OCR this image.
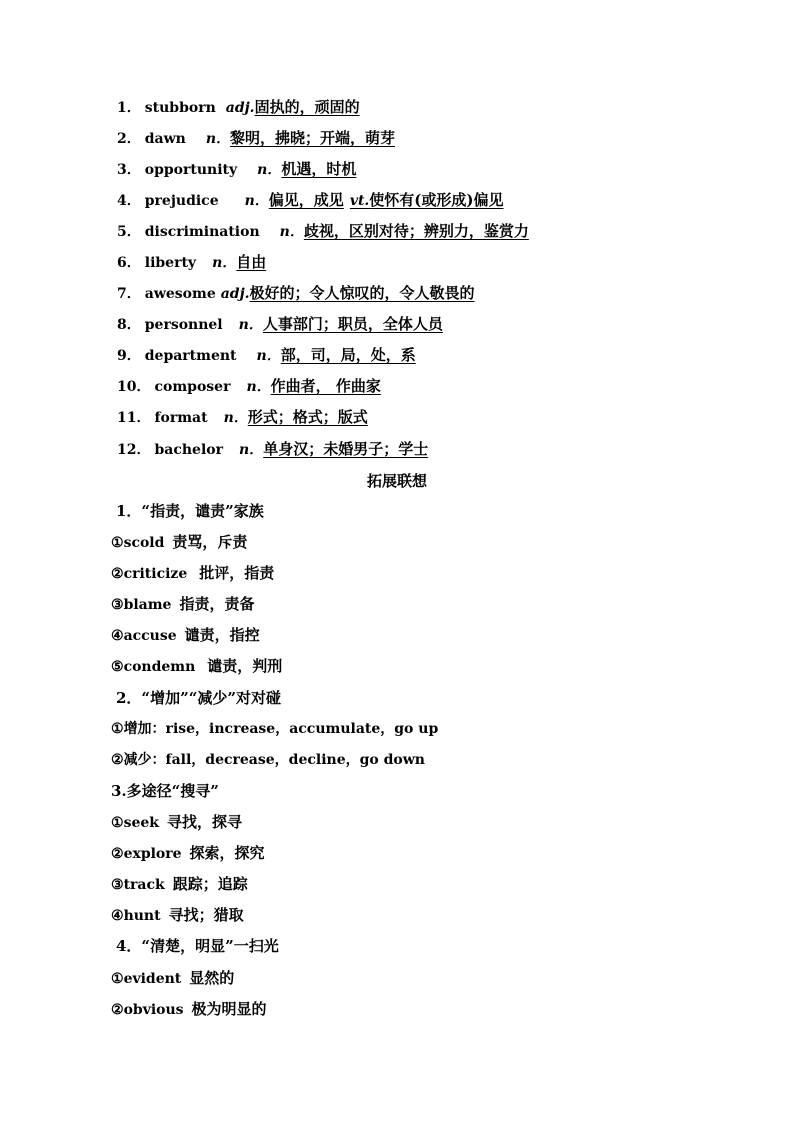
1． stubborn adj.固执的，顽固的
2． dawn n．黎明，拂晓；开端，萌芽
3． opportunity n．机遇，时机
4． prejudice n．偏见，成见 vt.使怀有(或形成)偏见
5． discrimination n．歧视，区别对待；辨别力，鉴赏力
6． liberty n．自由
7． awesome adj.极好的；令人惊叹的，令人敬畏的
8． personnel n．人事部门；职员，全体人员
9． department n．部，司，局，处，系
10． composer n．作曲者， 作曲家
11． format n．形式；格式；版式
12． bachelor n．单身汉；未婚男子；学士
拓展联想
1．“指责，谴责”家族
①scold 责骂，斥责
②criticize 批评，指责
③blame 指责，责备
④accuse 谴责，指控
⑤condemn 谴责，判刑
2．“增加”“减少”对对碰
①增加：rise，increase，accumulate，go up
②减少：fall，decrease，decline，go down
3.多途径“搜寻”
①seek 寻找，探寻
②explore 探索，探究
③track 跟踪；追踪
④hunt 寻找；猎取
4．“清楚，明显”一扫光
①evident 显然的
②obvious 极为明显的
